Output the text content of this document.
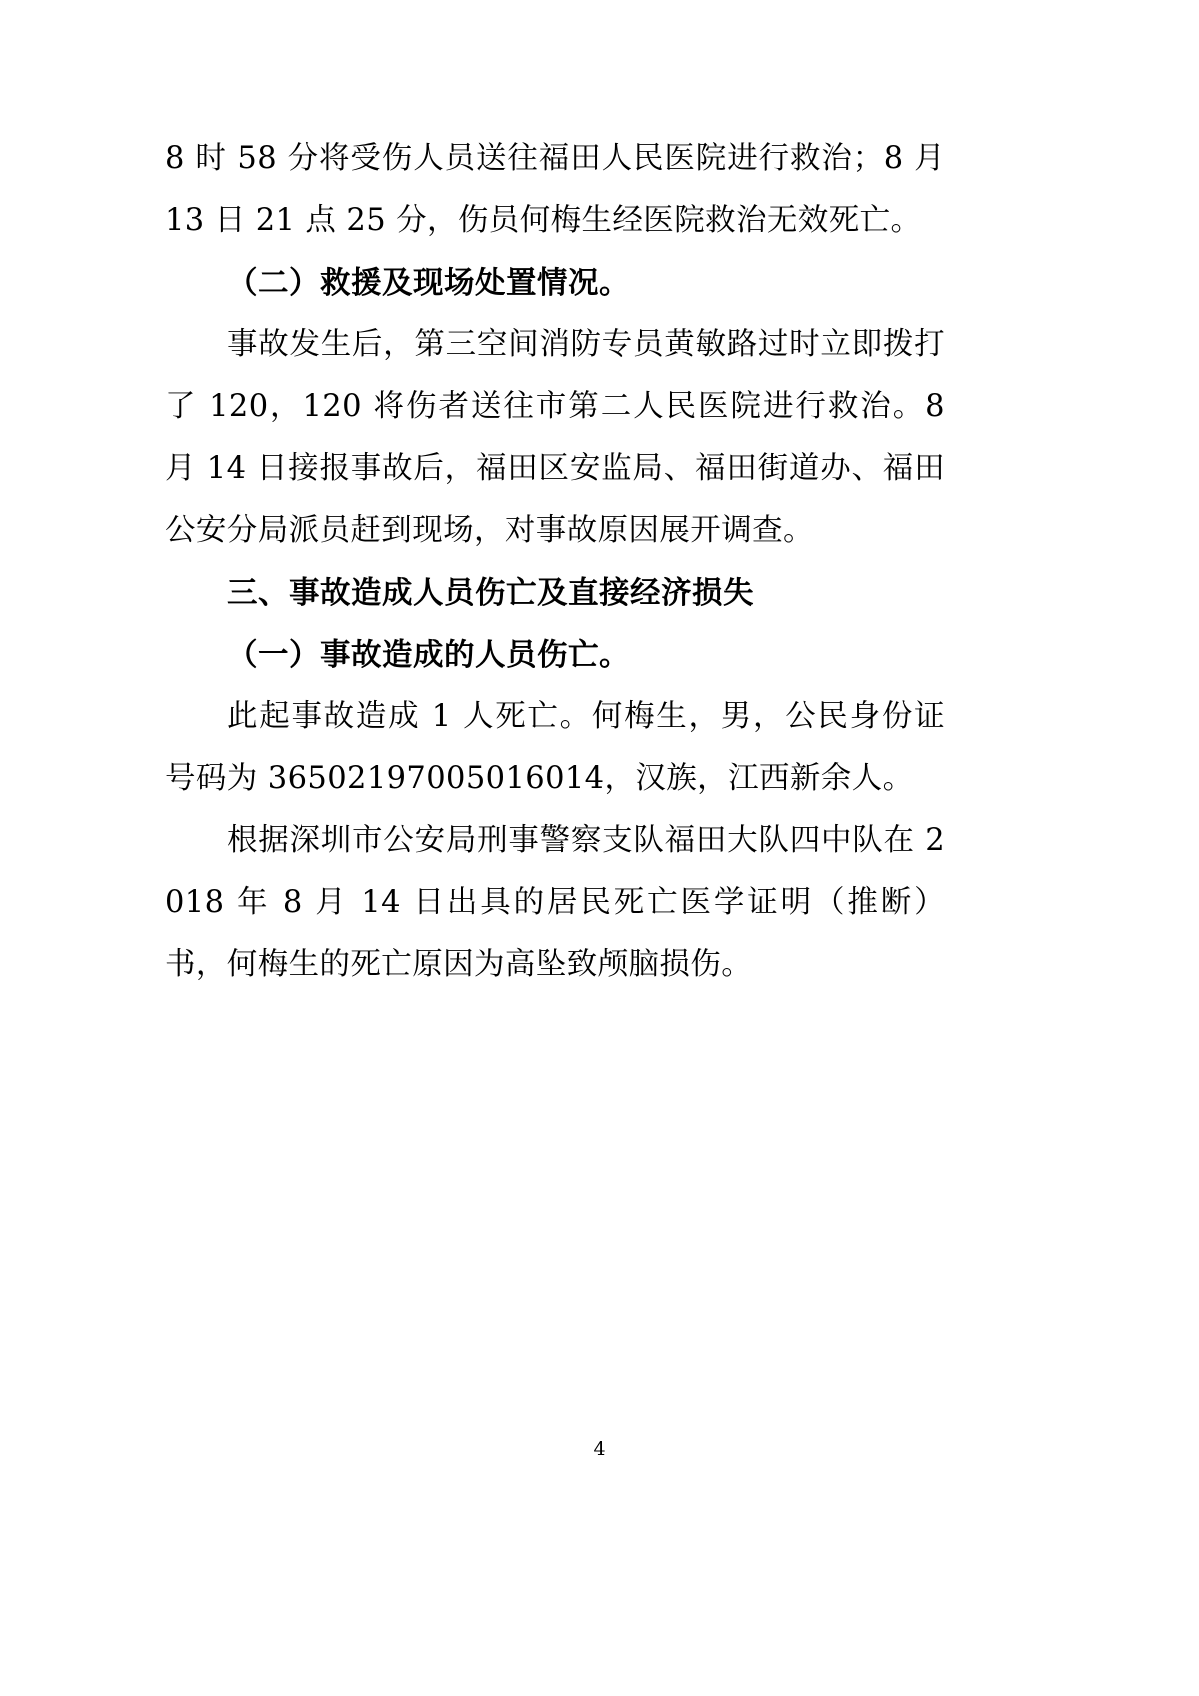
8 时 58 分将受伤人员送往福田人民医院进行救治；8 月 13 日 21 点 25 分，伤员何梅生经医院救治无效死亡。

（二）救援及现场处置情况。

事故发生后，第三空间消防专员黄敏路过时立即拨打了 120，120 将伤者送往市第二人民医院进行救治。8 月 14 日接报事故后，福田区安监局、福田街道办、福田公安分局派员赶到现场，对事故原因展开调查。

三、事故造成人员伤亡及直接经济损失

（一）事故造成的人员伤亡。

此起事故造成 1 人死亡。何梅生，男，公民身份证号码为 36502197005016014，汉族，江西新余人。

根据深圳市公安局刑事警察支队福田大队四中队在 2018 年 8 月 14 日出具的居民死亡医学证明（推断）书，何梅生的死亡原因为高坠致颅脑损伤。

4
